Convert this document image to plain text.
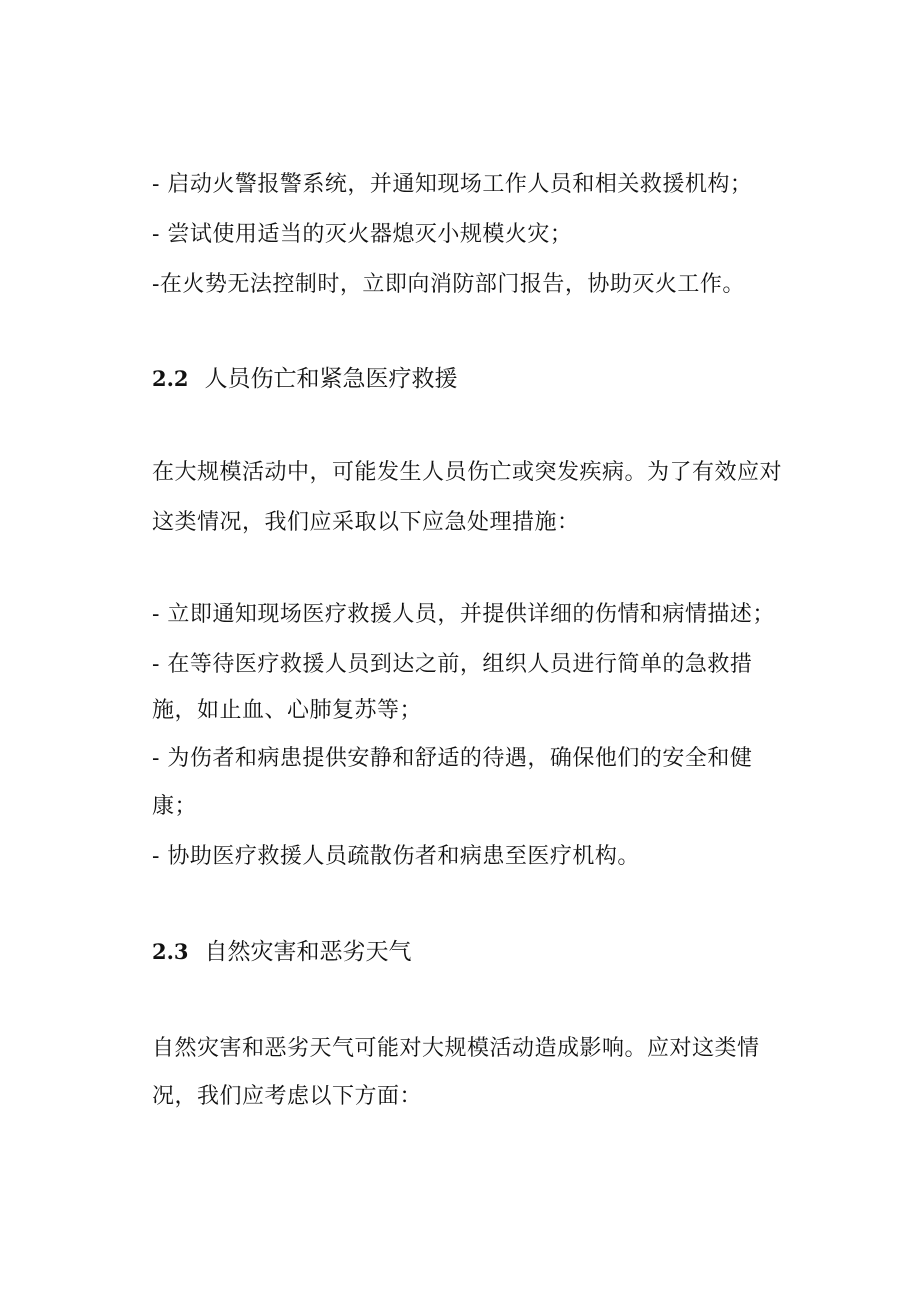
- 启动火警报警系统，并通知现场工作人员和相关救援机构；
- 尝试使用适当的灭火器熄灭小规模火灾；
-在火势无法控制时，立即向消防部门报告，协助灭火工作。
2.2 人员伤亡和紧急医疗救援
在大规模活动中，可能发生人员伤亡或突发疾病。为了有效应对
这类情况，我们应采取以下应急处理措施：
- 立即通知现场医疗救援人员，并提供详细的伤情和病情描述；
- 在等待医疗救援人员到达之前，组织人员进行简单的急救措
施，如止血、心肺复苏等；
- 为伤者和病患提供安静和舒适的待遇，确保他们的安全和健
康；
- 协助医疗救援人员疏散伤者和病患至医疗机构。
2.3 自然灾害和恶劣天气
自然灾害和恶劣天气可能对大规模活动造成影响。应对这类情
况，我们应考虑以下方面：
